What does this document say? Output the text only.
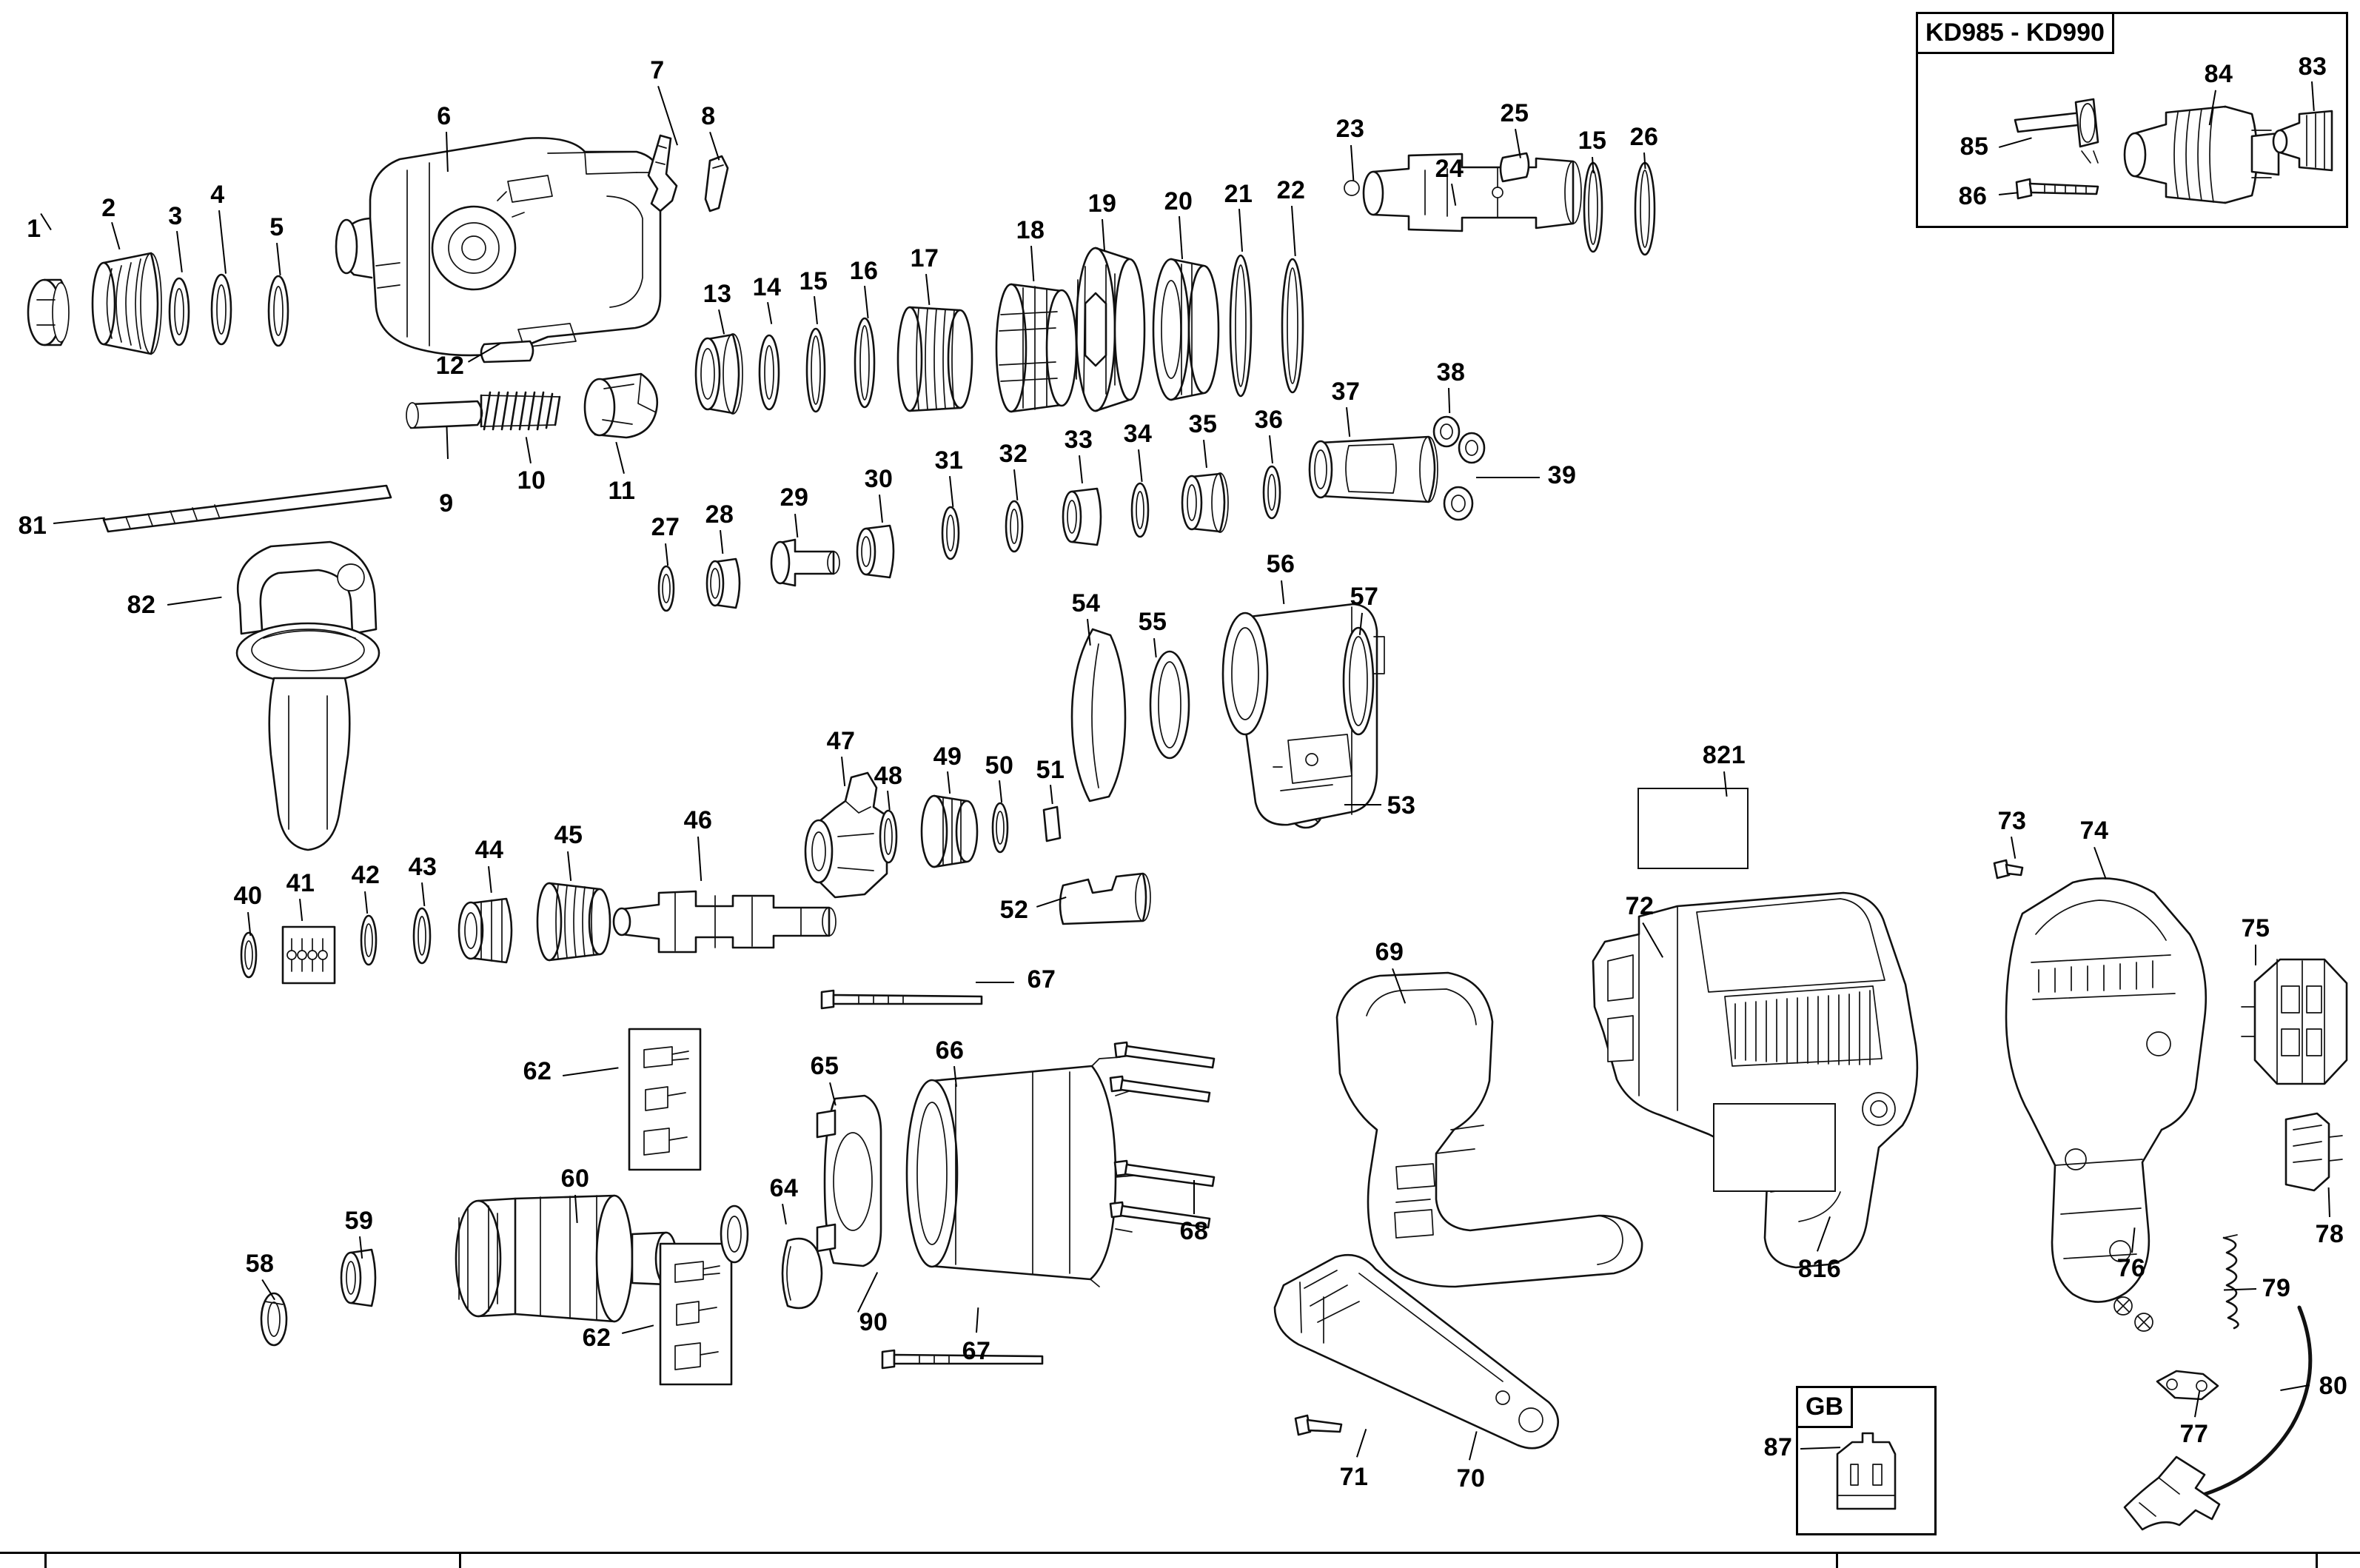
KD985 - KD990
GB
1
2 3
4
5
6
7
8
9
10 11
12
13 14 15 16 17
18
19 20 21 22
23
24
25
15 26
27 28
29
30
31 32 33 34 35 36
37
38
39
40 41 42 43
44
45
46
47
48
49 50 51
52
53
54
55
56
57
58
59
60
62
62
64
65
66
67
67
68
69
70
71
72
73 74
75
76
77
78
79
80
81
82
83
84
85
86
87
90
816
821
